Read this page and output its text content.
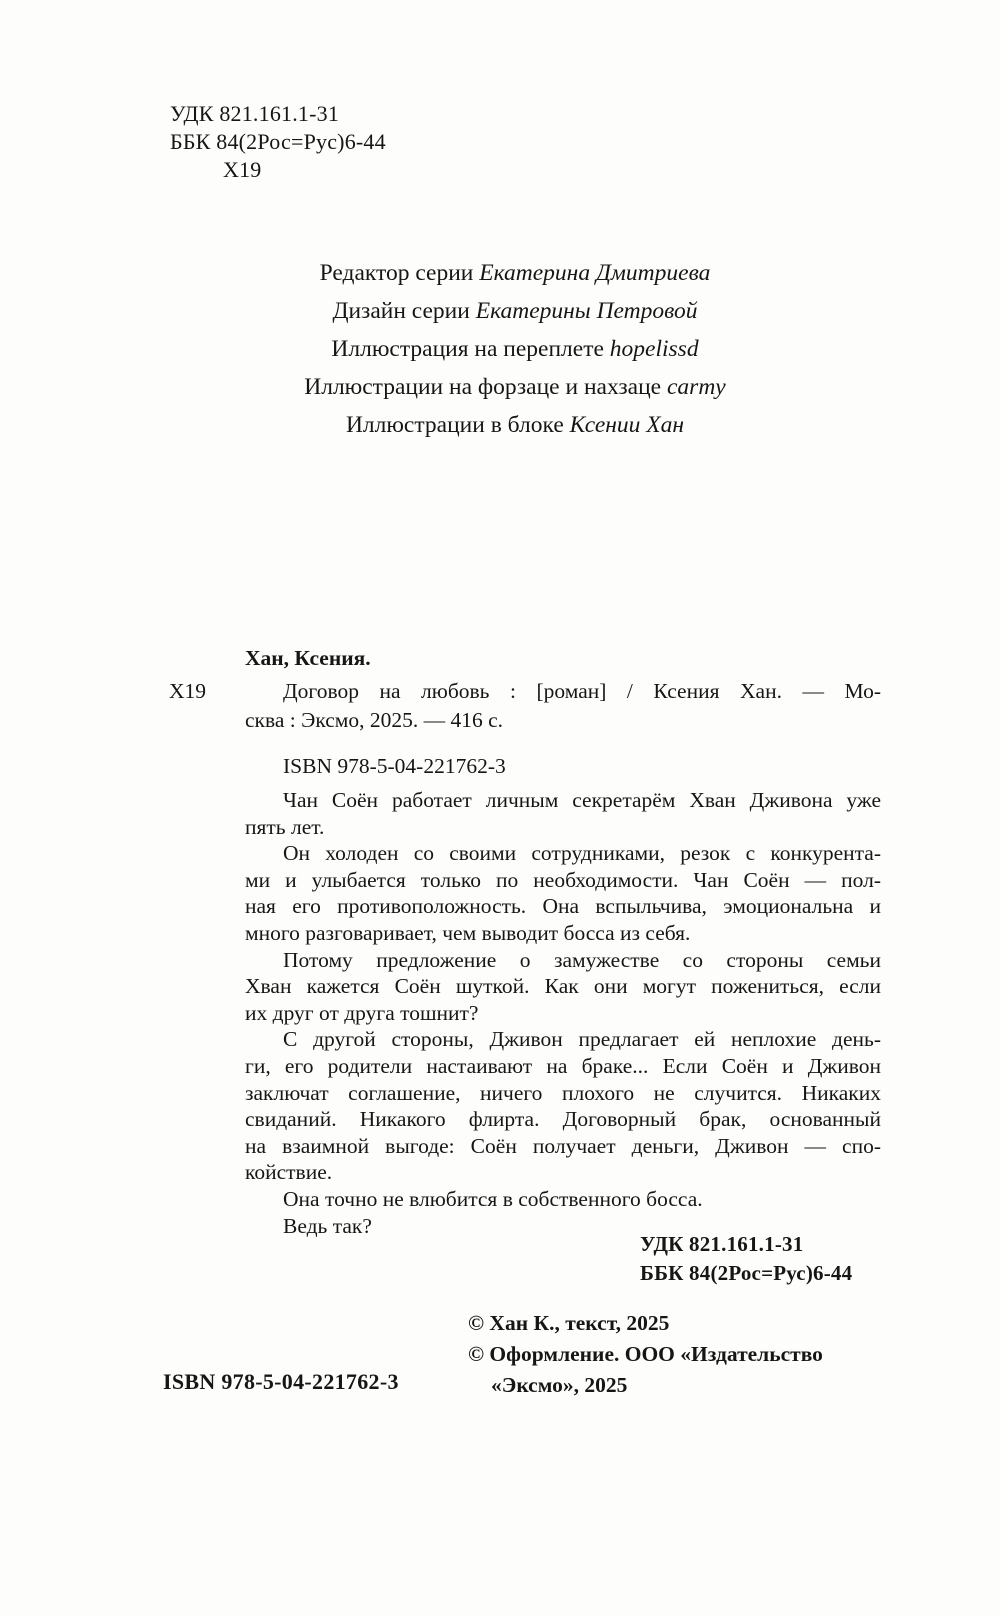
УДК 821.161.1-31
ББК 84(2Рос=Рус)6-44
Х19
Редактор серии Екатерина Дмитриева
Дизайн серии Екатерины Петровой
Иллюстрация на переплете hopelissd
Иллюстрации на форзаце и нахзаце carmy
Иллюстрации в блоке Ксении Хан
Хан, Ксения.
Х19	Договор на любовь : [роман] / Ксения Хан. — Мо-
сква : Эксмо, 2025. — 416 с.
ISBN 978-5-04-221762-3
Чан Соён работает личным секретарём Хван Дживона уже
пять лет.
Он холоден со своими сотрудниками, резок с конкурента-
ми и улыбается только по необходимости. Чан Соён — пол-
ная его противоположность. Она вспыльчива, эмоциональна и
много разговаривает, чем выводит босса из себя.
Потому предложение о замужестве со стороны семьи
Хван кажется Соён шуткой. Как они могут пожениться, если
их друг от друга тошнит?
С другой стороны, Дживон предлагает ей неплохие день-
ги, его родители настаивают на браке... Если Соён и Дживон
заключат соглашение, ничего плохого не случится. Никаких
свиданий. Никакого флирта. Договорный брак, основанный
на взаимной выгоде: Соён получает деньги, Дживон — спо-
койствие.
Она точно не влюбится в собственного босса.
Ведь так?
УДК 821.161.1-31
ББК 84(2Рос=Рус)6-44
© Хан К., текст, 2025
© Оформление. ООО «Издательство
«Эксмо», 2025
ISBN 978-5-04-221762-3
